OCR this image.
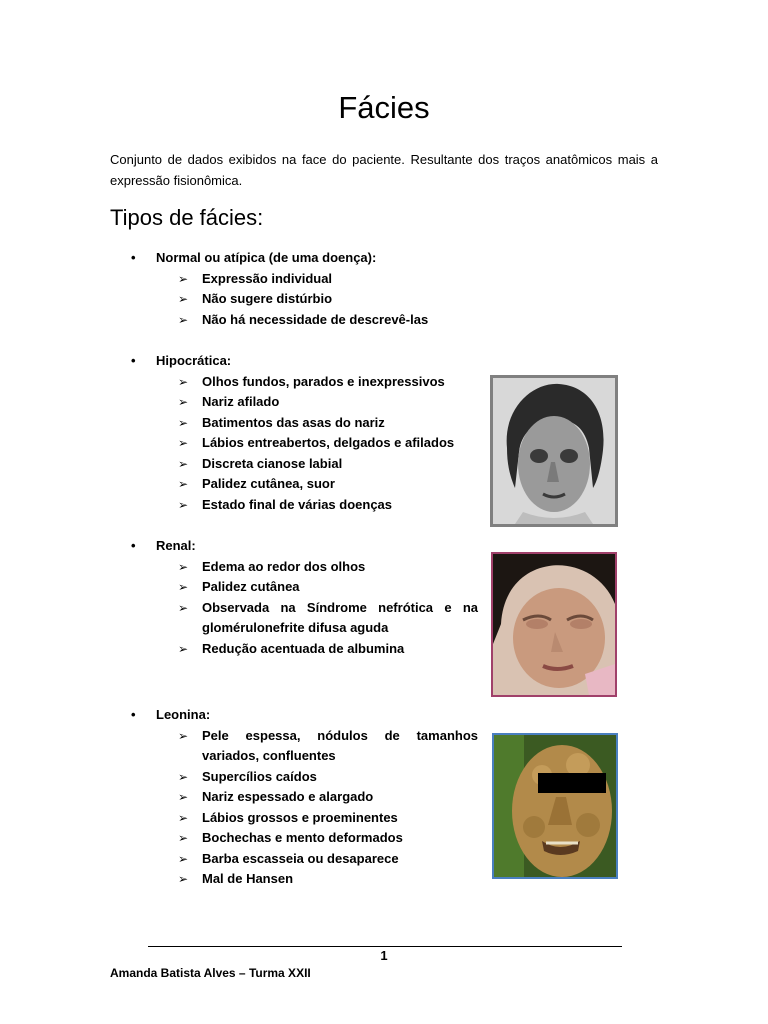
Fácies

Conjunto de dados exibidos na face do paciente. Resultante dos traços anatômicos mais a expressão fisionômica.

Tipos de fácies:
• Normal ou atípica (de uma doença):
➢	Expressão individual
➢	Não sugere distúrbio
➢	Não há necessidade de descrevê-las
• Hipocrática:
➢	Olhos fundos, parados e inexpressivos
➢	Nariz afilado
➢	Batimentos das asas do nariz
➢	Lábios entreabertos, delgados e afilados
➢	Discreta cianose labial
➢	Palidez cutânea, suor
➢	Estado final de várias doenças
• Renal:
➢	Edema ao redor dos olhos
➢	Palidez cutânea
➢	Observada na Síndrome nefrótica e na glomérulonefrite difusa aguda
➢	Redução acentuada de albumina
• Leonina:
➢	Pele espessa, nódulos de tamanhos variados, confluentes
➢	Supercílios caídos
➢	Nariz espessado e alargado
➢	Lábios grossos e proeminentes
➢	Bochechas e mento deformados
➢	Barba escasseia ou desaparece
➢	Mal de Hansen
1
Amanda Batista Alves – Turma XXII
